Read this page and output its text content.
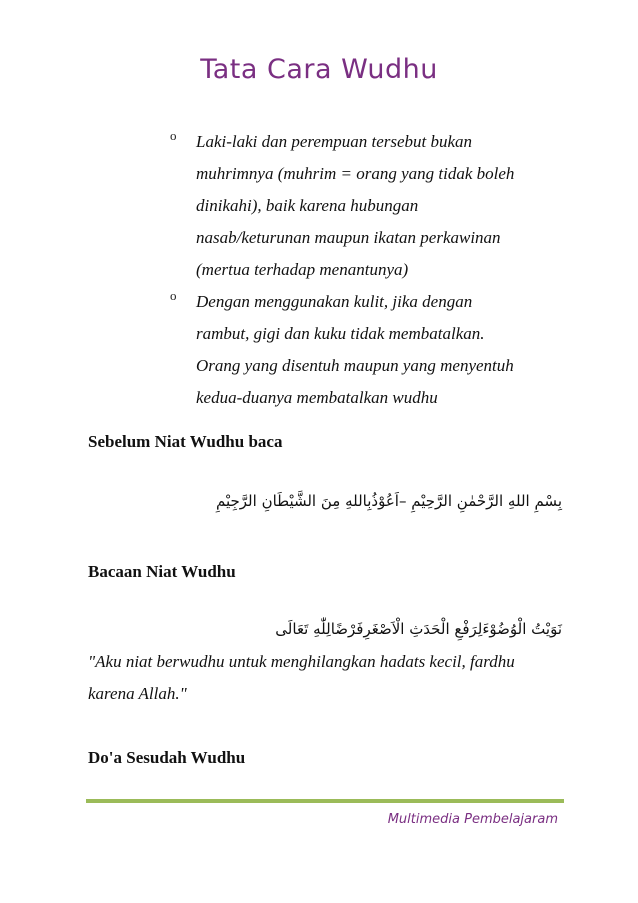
Tata Cara Wudhu
o Laki-laki dan perempuan tersebut bukan
muhrimnya (muhrim = orang yang tidak boleh
dinikahi), baik karena hubungan
nasab/keturunan maupun ikatan perkawinan
(mertua terhadap menantunya)
o Dengan menggunakan kulit, jika dengan
rambut, gigi dan kuku tidak membatalkan.
Orang yang disentuh maupun yang menyentuh
kedua-duanya membatalkan wudhu
Sebelum Niat Wudhu baca
بِسْمِ اللهِ الرَّحْمٰنِ الرَّحِيْمِ –اَعُوْذُبِاللهِ مِنَ الشَّيْطَانِ الرَّجِيْمِ
Bacaan Niat Wudhu
نَوَيْتُ الْوُضُوْءَلِرَفْعِ الْحَدَثِ الْاَصْغَرِفَرْضًالِلّٰهِ تَعَالَى
"Aku niat berwudhu untuk menghilangkan hadats kecil, fardhu
karena Allah."
Do'a Sesudah Wudhu
Multimedia Pembelajaram
